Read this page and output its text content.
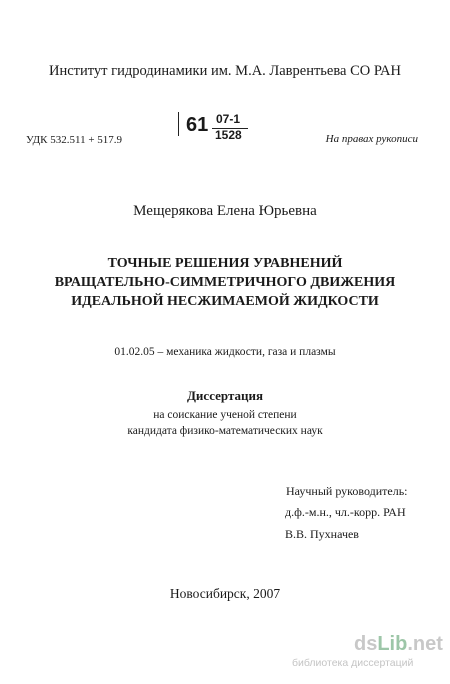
Институт гидродинамики им. М.А. Лаврентьева СО РАН
УДК 532.511 + 517.9
61 07-1
1528	На правах рукописи
Мещерякова Елена Юрьевна
ТОЧНЫЕ РЕШЕНИЯ УРАВНЕНИЙ
ВРАЩАТЕЛЬНО-СИММЕТРИЧНОГО ДВИЖЕНИЯ
ИДЕАЛЬНОЙ НЕСЖИМАЕМОЙ ЖИДКОСТИ
01.02.05 – механика жидкости, газа и плазмы
Диссертация
на соискание ученой степени
кандидата физико-математических наук
Научный руководитель:
д.ф.-м.н., чл.-корр. РАН
В.В. Пухначев
Новосибирск, 2007
dsLib.net
библиотека диссертаций
